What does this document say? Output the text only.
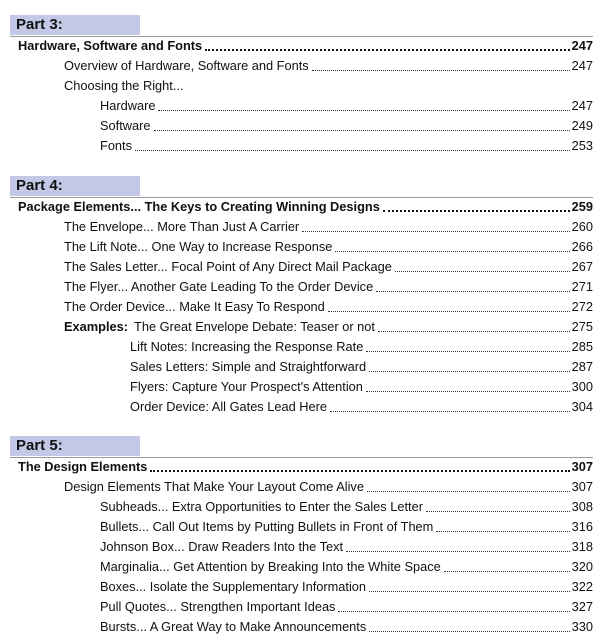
Part 3:
Hardware, Software and Fonts	247
Overview of Hardware, Software and Fonts	247
Choosing the Right...
Hardware	247
Software	249
Fonts	253
Part 4:
Package Elements... The Keys to Creating Winning Designs	259
The Envelope... More Than Just A Carrier	260
The Lift Note... One Way to Increase Response	266
The Sales Letter... Focal Point of Any Direct Mail Package	267
The Flyer... Another Gate Leading To the Order Device	271
The Order Device... Make It Easy To Respond	272
Examples: The Great Envelope Debate: Teaser or not	275
Lift Notes: Increasing the Response Rate	285
Sales Letters: Simple and Straightforward	287
Flyers: Capture Your Prospect's Attention	300
Order Device: All Gates Lead Here	304
Part 5:
The Design Elements	307
Design Elements That Make Your Layout Come Alive	307
Subheads... Extra Opportunities to Enter the Sales Letter	308
Bullets... Call Out Items by Putting Bullets in Front of Them	316
Johnson Box... Draw Readers Into the Text	318
Marginalia... Get Attention by Breaking Into the White Space	320
Boxes... Isolate the Supplementary Information	322
Pull Quotes... Strengthen Important Ideas	327
Bursts... A Great Way to Make Announcements	330
